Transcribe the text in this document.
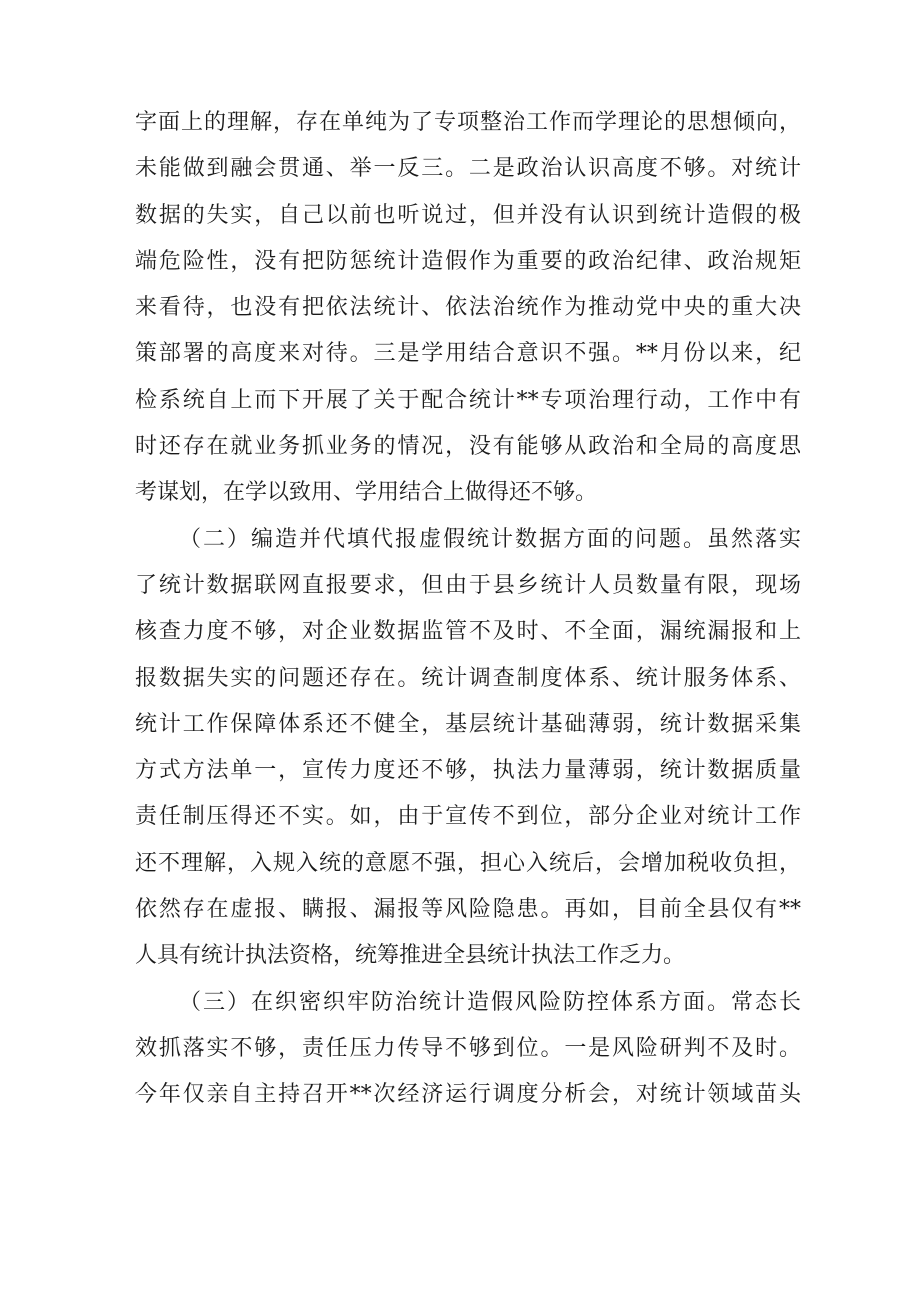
字面上的理解，存在单纯为了专项整治工作而学理论的思想倾向，
未能做到融会贯通、举一反三。二是政治认识高度不够。对统计
数据的失实，自己以前也听说过，但并没有认识到统计造假的极
端危险性，没有把防惩统计造假作为重要的政治纪律、政治规矩
来看待，也没有把依法统计、依法治统作为推动党中央的重大决
策部署的高度来对待。三是学用结合意识不强。**月份以来，纪
检系统自上而下开展了关于配合统计**专项治理行动，工作中有
时还存在就业务抓业务的情况，没有能够从政治和全局的高度思
考谋划，在学以致用、学用结合上做得还不够。
（二）编造并代填代报虚假统计数据方面的问题。虽然落实
了统计数据联网直报要求，但由于县乡统计人员数量有限，现场
核查力度不够，对企业数据监管不及时、不全面，漏统漏报和上
报数据失实的问题还存在。统计调查制度体系、统计服务体系、
统计工作保障体系还不健全，基层统计基础薄弱，统计数据采集
方式方法单一，宣传力度还不够，执法力量薄弱，统计数据质量
责任制压得还不实。如，由于宣传不到位，部分企业对统计工作
还不理解，入规入统的意愿不强，担心入统后，会增加税收负担，
依然存在虚报、瞒报、漏报等风险隐患。再如，目前全县仅有**
人具有统计执法资格，统筹推进全县统计执法工作乏力。
（三）在织密织牢防治统计造假风险防控体系方面。常态长
效抓落实不够，责任压力传导不够到位。一是风险研判不及时。
今年仅亲自主持召开**次经济运行调度分析会，对统计领域苗头
